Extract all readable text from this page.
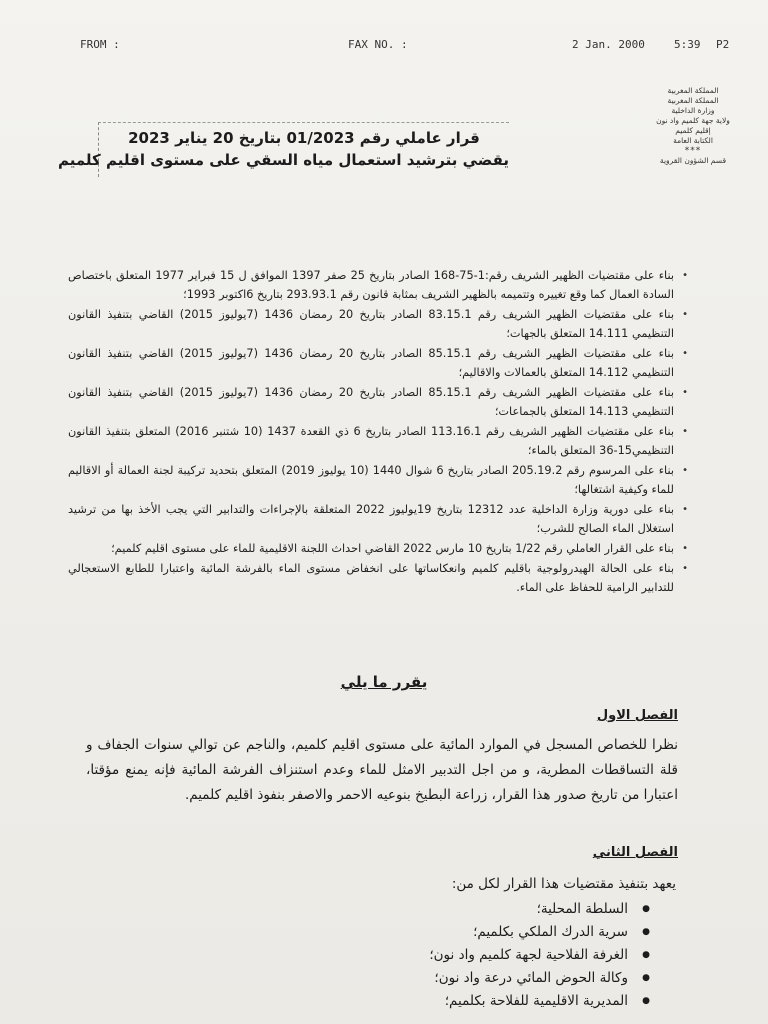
FROM :	FAX NO. :	2 Jan. 2000	5:39 P2
المملكة المغربية
المملكة المغربية
وزارة الداخلية
ولاية جهة كلميم واد نون
إقليم كلميم
الكتابة العامة
***
قسم الشؤون القروية
قرار عاملي رقم 01/2023 بتاريخ 20 يناير 2023
يقضي بترشيد استعمال مياه السقي على مستوى اقليم كلميم
• بناء على مقتضيات الظهير الشريف رقم:1-75-168 الصادر بتاريخ 25 صفر 1397 الموافق ل 15 فبراير 1977 المتعلق باختصاص السادة العمال كما وقع تغييره وتتميمه بالظهير الشريف بمثابة قانون رقم 293.93.1 بتاريخ 6اكتوبر 1993؛
• بناء على مقتضيات الظهير الشريف رقم 83.15.1 الصادر بتاريخ 20 رمضان 1436 (7يوليوز 2015) القاضي بتنفيذ القانون التنظيمي 14.111 المتعلق بالجهات؛
• بناء على مقتضيات الظهير الشريف رقم 85.15.1 الصادر بتاريخ 20 رمضان 1436 (7يوليوز 2015) القاضي بتنفيذ القانون التنظيمي 14.112 المتعلق بالعمالات والاقاليم؛
• بناء على مقتضيات الظهير الشريف رقم 85.15.1 الصادر بتاريخ 20 رمضان 1436 (7يوليوز 2015) القاضي بتنفيذ القانون التنظيمي 14.113 المتعلق بالجماعات؛
• بناء على مقتضيات الظهير الشريف رقم 113.16.1 الصادر بتاريخ 6 ذي القعدة 1437 (10 شتنبر 2016) المتعلق بتنفيذ القانون التنظيمي15-36 المتعلق بالماء؛
• بناء على المرسوم رقم 205.19.2 الصادر بتاريخ 6 شوال 1440 (10 يوليوز 2019) المتعلق بتحديد تركيبة لجنة العمالة أو الاقاليم للماء وكيفية اشتغالها؛
• بناء على دورية وزارة الداخلية عدد 12312 بتاريخ 19يوليوز 2022 المتعلقة بالإجراءات والتدابير التي يجب الأخذ بها من ترشيد استغلال الماء الصالح للشرب؛
• بناء على القرار العاملي رقم 1/22 بتاريخ 10 مارس 2022 القاضي احداث اللجنة الاقليمية للماء على مستوى اقليم كلميم؛
• بناء على الحالة الهيدرولوجية باقليم كلميم وانعكاساتها على انخفاض مستوى الماء بالفرشة المائية واعتبارا للطابع الاستعجالي للتدابير الرامية للحفاظ على الماء.
يقرر ما يلي
الفصل الاول
نظرا للخصاص المسجل في الموارد المائية على مستوى اقليم كلميم، والناجم عن توالي سنوات الجفاف و قلة التساقطات المطرية، و من اجل التدبير الامثل للماء وعدم استنزاف الفرشة المائية فإنه يمنع مؤقتا، اعتبارا من تاريخ صدور هذا القرار، زراعة البطيخ بنوعيه الاحمر والاصفر بنفوذ اقليم كلميم.
الفصل الثاني
يعهد بتنفيذ مقتضيات هذا القرار لكل من:
● السلطة المحلية؛
● سرية الدرك الملكي بكلميم؛
● الغرفة الفلاحية لجهة كلميم واد نون؛
● وكالة الحوض المائي درعة واد نون؛
● المديرية الاقليمية للفلاحة بكلميم؛
